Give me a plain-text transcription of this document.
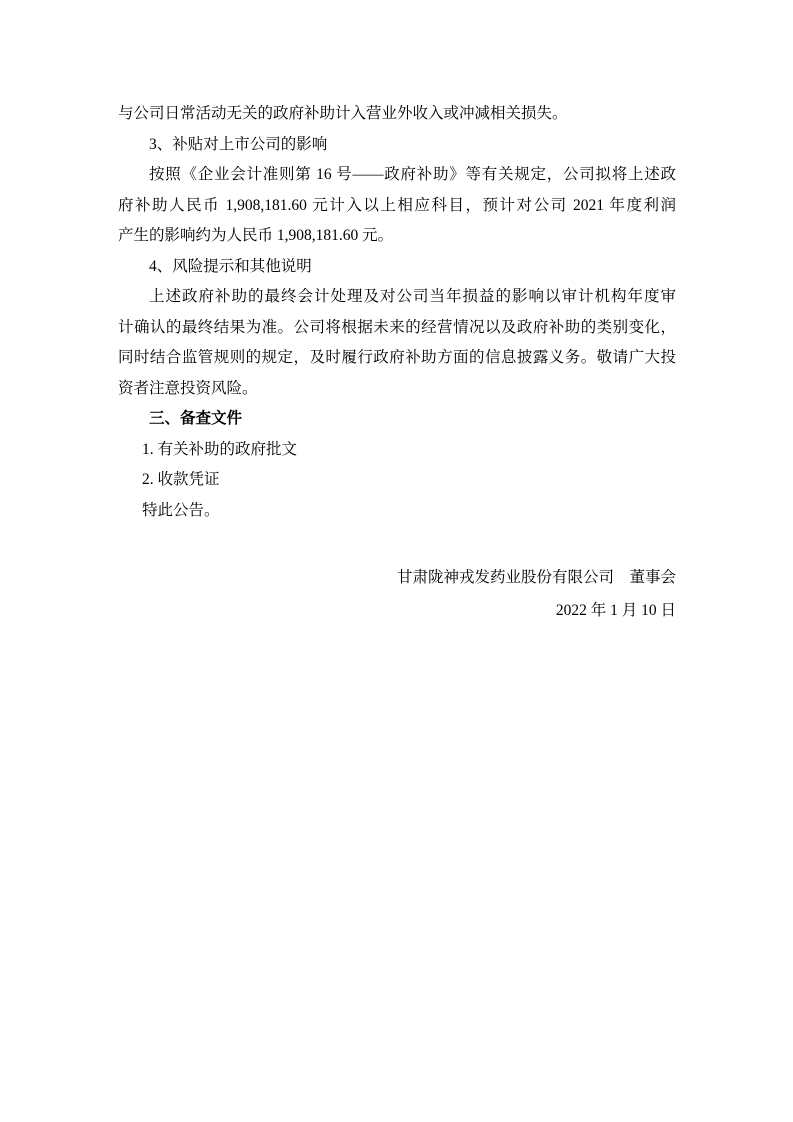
与公司日常活动无关的政府补助计入营业外收入或冲减相关损失。

3、补贴对上市公司的影响

按照《企业会计准则第 16 号——政府补助》等有关规定，公司拟将上述政

府补助人民币 1,908,181.60 元计入以上相应科目，预计对公司 2021 年度利润

产生的影响约为人民币 1,908,181.60 元。

4、风险提示和其他说明

上述政府补助的最终会计处理及对公司当年损益的影响以审计机构年度审

计确认的最终结果为准。公司将根据未来的经营情况以及政府补助的类别变化，

同时结合监管规则的规定，及时履行政府补助方面的信息披露义务。敬请广大投

资者注意投资风险。

三、备查文件

1. 有关补助的政府批文

2. 收款凭证

特此公告。

甘肃陇神戎发药业股份有限公司　董事会

2022 年 1 月 10 日
